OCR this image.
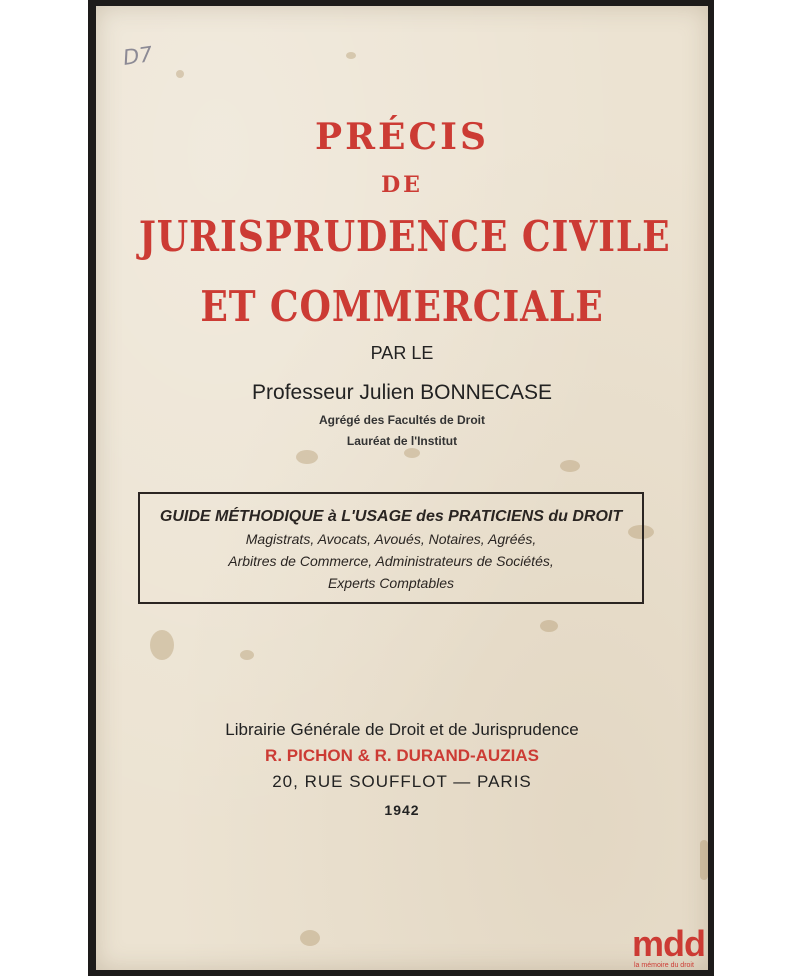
D7

PRÉCIS

DE

JURISPRUDENCE CIVILE

ET COMMERCIALE

PAR LE

Professeur Julien BONNECASE

Agrégé des Facultés de Droit

Lauréat de l'Institut

GUIDE MÉTHODIQUE à L'USAGE des PRATICIENS du DROIT

Magistrats, Avocats, Avoués, Notaires, Agréés,

Arbitres de Commerce, Administrateurs de Sociétés,

Experts Comptables

Librairie Générale de Droit et de Jurisprudence

R. PICHON & R. DURAND-AUZIAS

20, RUE SOUFFLOT — PARIS

1942

mdd

la mémoire du droit
